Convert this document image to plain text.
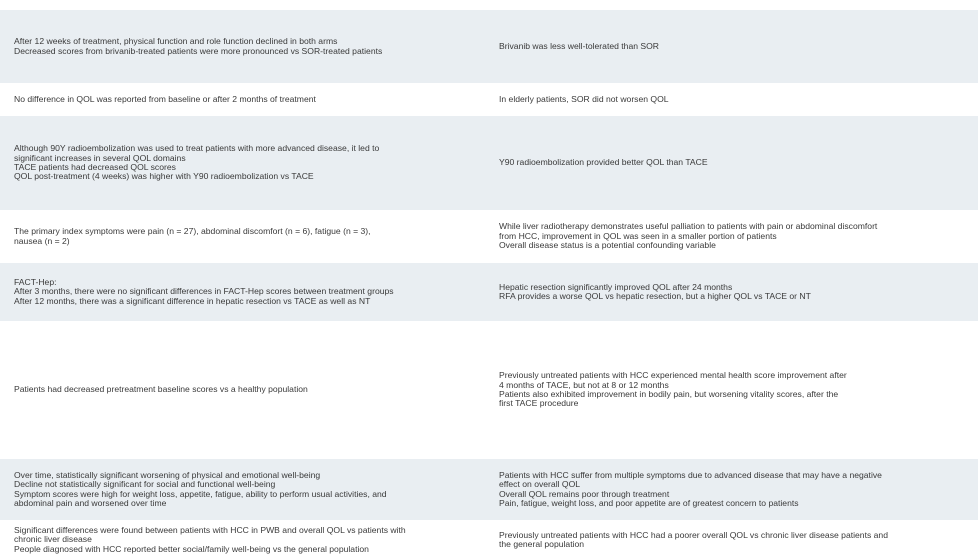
After 12 weeks of treatment, physical function and role function declined in both arms
Decreased scores from brivanib-treated patients were more pronounced vs SOR-treated patients	Brivanib was less well-tolerated than SOR
No difference in QOL was reported from baseline or after 2 months of treatment	In elderly patients, SOR did not worsen QOL
Although 90Y radioembolization was used to treat patients with more advanced disease, it led to
significant increases in several QOL domains
TACE patients had decreased QOL scores
QOL post-treatment (4 weeks) was higher with Y90 radioembolization vs TACE
Y90 radioembolization provided better QOL than TACE
The primary index symptoms were pain (n = 27), abdominal discomfort (n = 6), fatigue (n = 3),
nausea (n = 2)
While liver radiotherapy demonstrates useful palliation to patients with pain or abdominal discomfort
from HCC, improvement in QOL was seen in a smaller portion of patients
Overall disease status is a potential confounding variable
FACT-Hep:
After 3 months, there were no significant differences in FACT-Hep scores between treatment groups
After 12 months, there was a significant difference in hepatic resection vs TACE as well as NT
Hepatic resection significantly improved QOL after 24 months
RFA provides a worse QOL vs hepatic resection, but a higher QOL vs TACE or NT
Patients had decreased pretreatment baseline scores vs a healthy population
Previously untreated patients with HCC experienced mental health score improvement after
4 months of TACE, but not at 8 or 12 months
Patients also exhibited improvement in bodily pain, but worsening vitality scores, after the
first TACE procedure
Over time, statistically significant worsening of physical and emotional well-being
Decline not statistically significant for social and functional well-being
Symptom scores were high for weight loss, appetite, fatigue, ability to perform usual activities, and
abdominal pain and worsened over time
Patients with HCC suffer from multiple symptoms due to advanced disease that may have a negative
effect on overall QOL
Overall QOL remains poor through treatment
Pain, fatigue, weight loss, and poor appetite are of greatest concern to patients
Significant differences were found between patients with HCC in PWB and overall QOL vs patients with
chronic liver disease
People diagnosed with HCC reported better social/family well-being vs the general population
Previously untreated patients with HCC had a poorer overall QOL vs chronic liver disease patients and
the general population
